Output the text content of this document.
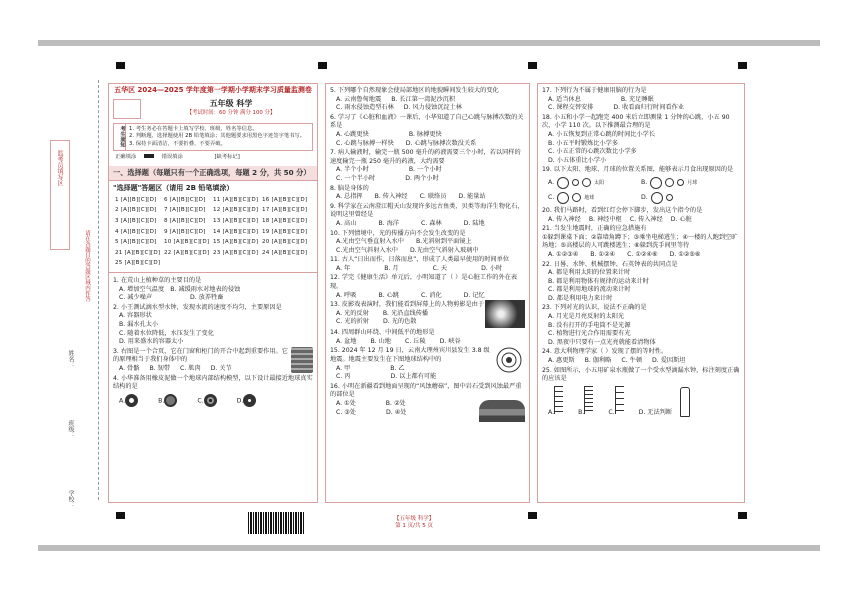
监考员填写区
请在各题目的答题区域内作答
姓名：
班级：
学校：
五华区 2024—2025 学年度第一学期小学期末学习质量监测卷
五年级 科学
【考试时间：60 分钟 满分 100 分】
考生须知 1. 考生务必在答题卡上填写学校、班级、姓名等信息。
2. 判断题、选择题使用 2B 铅笔填涂；其他题要求用黑色字迹签字笔书写。
3. 保持卡面清洁，不要折叠、不要弄破。
正确填涂	错误填涂	[缺考标记]
一、选择题（每题只有一个正确选项，每题 2 分，共 50 分）
"选择题"答题区（请用 2B 铅笔填涂）
1 [A][B][C][D]	6 [A][B][C][D]	11 [A][B][C][D] 16 [A][B][C][D]
2 [A][B][C][D]	7 [A][B][C][D]	12 [A][B][C][D] 17 [A][B][C][D]
3 [A][B][C][D]	8 [A][B][C][D]	13 [A][B][C][D] 18 [A][B][C][D]
4 [A][B][C][D]	9 [A][B][C][D]	14 [A][B][C][D] 19 [A][B][C][D]
5 [A][B][C][D]	10 [A][B][C][D] 15 [A][B][C][D] 20 [A][B][C][D]
21 [A][B][C][D] 22 [A][B][C][D] 23 [A][B][C][D] 24 [A][B][C][D]
25 [A][B][C][D]
1. 在荒山上植种草的主要目的是
A. 增加空气温度 B. 减缓雨水对地表的侵蚀
C. 减少噪声	D. 放养牲畜
2. 小王测试滴水型水钟，发现水流的速度不均匀，主要原因是
A. 容器形状
B. 漏水孔太小
C. 随着水位降低，水压发生了变化
D. 用来盛水的容器太小
3. 右图是一个合页，它在门窗和柜门的开合中起到重要作用。它的原理相当于我们身体中的
A. 骨骼 B. 韧带 C. 肌肉 D. 关节
4. 小华准备用橡皮泥做一个地球内部结构模型，以下设计最接近地球真实结构的是
A.	B.	C.	D.
5. 下列哪个自然现象会使局部地区的地貌瞬间发生较大的变化
A. 云南鲁甸地震 B. 长江第一湾泥沙沉积
C. 雨水侵蚀造型石林 D. 风力侵蚀沉淀土林
6. 学习了《心脏和血液》一课后，小华知道了自己心跳与脉搏次数的关系是
A. 心跳更快	B. 脉搏更快
C. 心跳与脉搏一样快 D. 心跳与脉搏次数没关系
7. 病人输液时，输完一瓶 500 毫升的药液需要三个小时，若以同样的速度输完一瓶 250 毫升的药液，大约需要
A. 半个小时	B. 一个小时
C. 一个半小时	D. 两个小时
8. 脑是身体的
A. 总指挥 B. 传入神经 C. 联络员 D. 能量站
9. 科学家在云南澄江帽天山发现许多远古鱼类、贝类等海洋生物化石，说明这里曾经是
A. 高山	B. 海洋	C. 森林	D. 陆地
10. 下列情境中，光的传播方向不会发生改变的是
A.光由空气垂直射入水中 B.光斜射到平面镜上
C.光由空气斜射入水中 D.光由空气斜射入玻璃中
11. 古人“日出而作，日落而息”，形成了人类最早使用的时间单位
A. 年	B. 月	C. 天	D. 小时
12. 学完《健康生活》单元后，小明知道了（ ）是心脏工作的外在表现。
A. 呼吸	B. 心跳	C. 消化	D. 记忆
13. 皮影戏表演时，我们能看到屏幕上的人物剪影是由于
A. 光的反射 B. 光沿直线传播
C. 光的折射 D. 光的色散
14. 四周群山环绕、中间低平的地形是
A. 盆地 B. 山地 C. 丘陵 D. 峡谷
15. 2024 年 12 月 19 日，云南大理州宾川县发生 3.8 级地震。地震主要发生在下图地球结构中的
A. 甲	B. 乙
C. 丙	D. 以上都有可能
16. 小明在新疆看到地面呈现的“风蚀蘑菇”，图中岩石受到风蚀最严重的部位是
A. ①处	B. ②处
C. ③处	D. ④处
17. 下列行为不属于健康用脑的行为是
A. 适当休息	B. 充足睡眠
C. 课程交替安排	D. 收看面归行时间看作业
18. 小五和小学一起跑完 400 米后立即测量 1 分钟的心跳，小五 90 次，小学 110 次。以下推测最合理的是
A. 小五恢复到正常心跳的时间比小学长
B. 小五平时锻炼比小学多
C. 小五正常的心跳次数比小学多
D. 小五体重比小学小
19. 以下太阳、地球、月球的位置关系图，能够表示月食出现原因的是
A.	太阳	B.	月球
C.	地球	D.
20. 我们马路时，看到红灯会停下脚步，发出这个指令的是
A. 传入神经 B. 神经中枢 C. 传入神经 D. 心脏
21. 当发生地震时，正确的应急措施有
①躲到课桌下面；②靠墙角蹲下；③乘坐电梯逃生；④一楼的人跑到空旷场地；⑤高楼层的人可跳楼逃生；⑥躲到洗手间里等待
A. ①②③④ B. ①②④ C. ①②④⑥ D. ①②⑤⑥
22. 日晷、水钟、机械摆钟、石英钟表的共同点是
A. 都是利用太阳的位置来计时
B. 都是利用物体有规律的运动来计时
C. 都是利用地球的流动来计时
D. 都是利用电力来计时
23. 下列对光的认识，说法不正确的是
A. 月光是月亮反射的太阳光
B. 没有打开的手电筒不是光源
C. 植物进行光合作用需要有光
D. 黑夜中只要有一点光亮就能看清物体
24. 意大利物理学家（ ）发现了摆的等时性。
A. 惠更斯 B. 伽利略 C. 牛顿 D. 爱因斯坦
25. 如图所示，小五用矿泉水瓶做了一个受水型滴漏水钟，标注刻度正确的应该是
A.	B.	C.	D. 无法判断
【五年级 科学】
第 1 页/共 5 页
